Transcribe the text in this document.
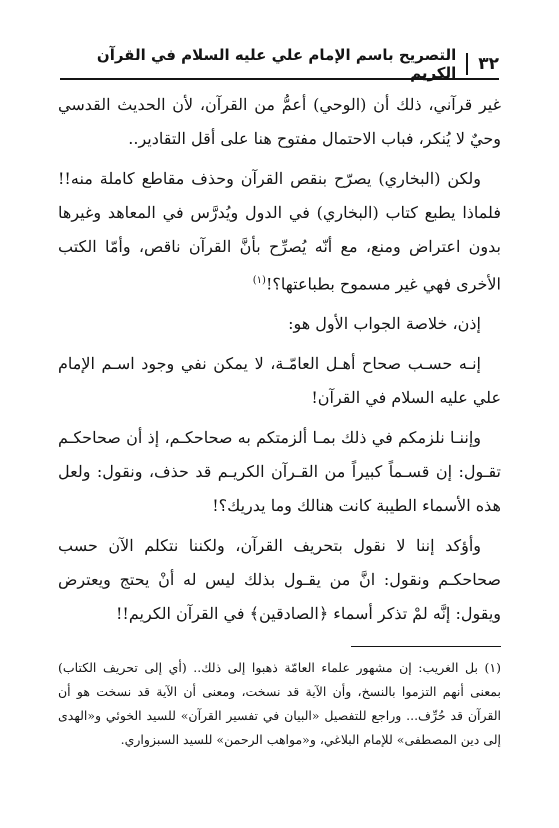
٣٢
التصريح باسم الإمام علي عليه السلام في القرآن الكريم

غير قرآني، ذلك أن (الوحي) أعمُّ من القرآن، لأن الحديث القدسي وحيٌ لا يُنكر، فباب الاحتمال مفتوح هنا على أقل التقادير..

ولكن (البخاري) يصرّح بنقص القرآن وحذف مقاطع كاملة منه!! فلماذا يطبع كتاب (البخاري) في الدول ويُدرَّس في المعاهد وغيرها بدون اعتراض ومنع، مع أنّه يُصرِّح بأنَّ القرآن ناقص، وأمّا الكتب الأخرى فهي غير مسموح بطباعتها؟!$^{(١)}$

إذن، خلاصة الجواب الأول هو:

إنـه حسـب صحاح أهـل العامّـة، لا يمكن نفي وجود اسـم الإمام علي عليه السلام في القرآن!

وإننـا نلزمكم في ذلك بمـا ألزمتكم به صحاحكـم، إذ أن صحاحكـم تقـول: إن قسـماً كبيراً من القـرآن الكريـم قد حذف، ونقول: ولعل هذه الأسماء الطيبة كانت هنالك وما يدريك؟!

وأؤكد إننا لا نقول بتحريف القرآن، ولكننا نتكلم الآن حسب صحاحكـم ونقول: انَّ من يقـول بذلك ليس له أنْ يحتج ويعترض ويقول: إنَّه لمْ تذكر أسماء ﴿الصادقين﴾ في القرآن الكريم!!

(١) بل الغريب: إن مشهور علماء العامّة ذهبوا إلى ذلك.. (أي إلى تحريف الكتاب) بمعنى أنهم التزموا بالنسخ، وأن الآية قد نسخت، ومعنى أن الآية قد نسخت هو أن القرآن قد حُرِّف... وراجع للتفصيل «البيان في تفسير القرآن» للسيد الخوئي و«الهدى إلى دين المصطفى» للإمام البلاغي، و«مواهب الرحمن» للسيد السبزواري.
